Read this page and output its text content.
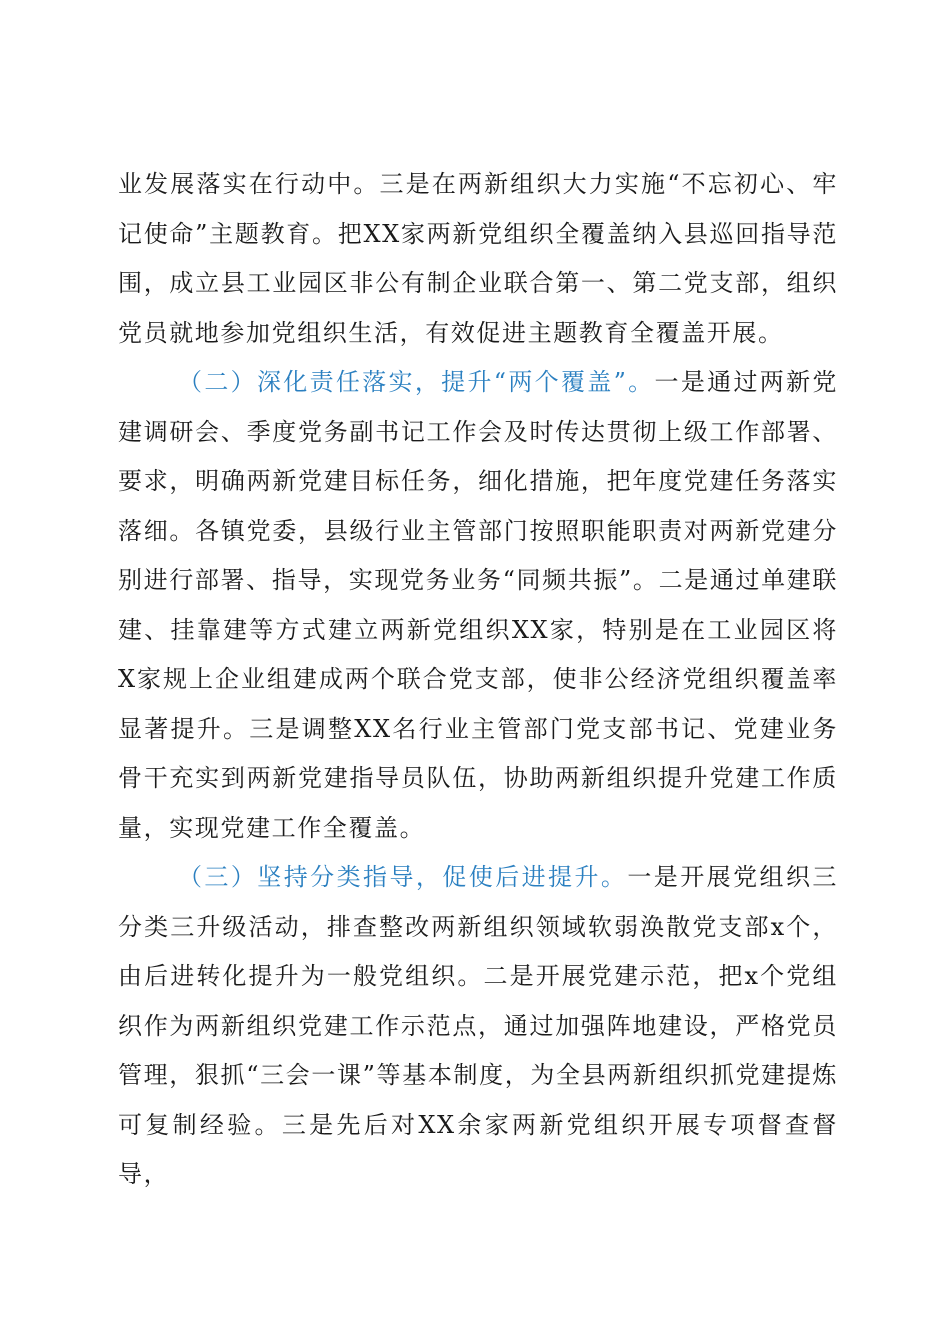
业发展落实在行动中。三是在两新组织大力实施“不忘初心、牢记使命”主题教育。把XX家两新党组织全覆盖纳入县巡回指导范围，成立县工业园区非公有制企业联合第一、第二党支部，组织党员就地参加党组织生活，有效促进主题教育全覆盖开展。

（二）深化责任落实，提升“两个覆盖”。一是通过两新党建调研会、季度党务副书记工作会及时传达贯彻上级工作部署、要求，明确两新党建目标任务，细化措施，把年度党建任务落实落细。各镇党委，县级行业主管部门按照职能职责对两新党建分别进行部署、指导，实现党务业务“同频共振”。二是通过单建联建、挂靠建等方式建立两新党组织XX家，特别是在工业园区将X家规上企业组建成两个联合党支部，使非公经济党组织覆盖率显著提升。三是调整XX名行业主管部门党支部书记、党建业务骨干充实到两新党建指导员队伍，协助两新组织提升党建工作质量，实现党建工作全覆盖。

（三）坚持分类指导，促使后进提升。一是开展党组织三分类三升级活动，排查整改两新组织领域软弱涣散党支部x个，由后进转化提升为一般党组织。二是开展党建示范，把x个党组织作为两新组织党建工作示范点，通过加强阵地建设，严格党员管理，狠抓“三会一课”等基本制度，为全县两新组织抓党建提炼可复制经验。三是先后对XX余家两新党组织开展专项督查督导，
